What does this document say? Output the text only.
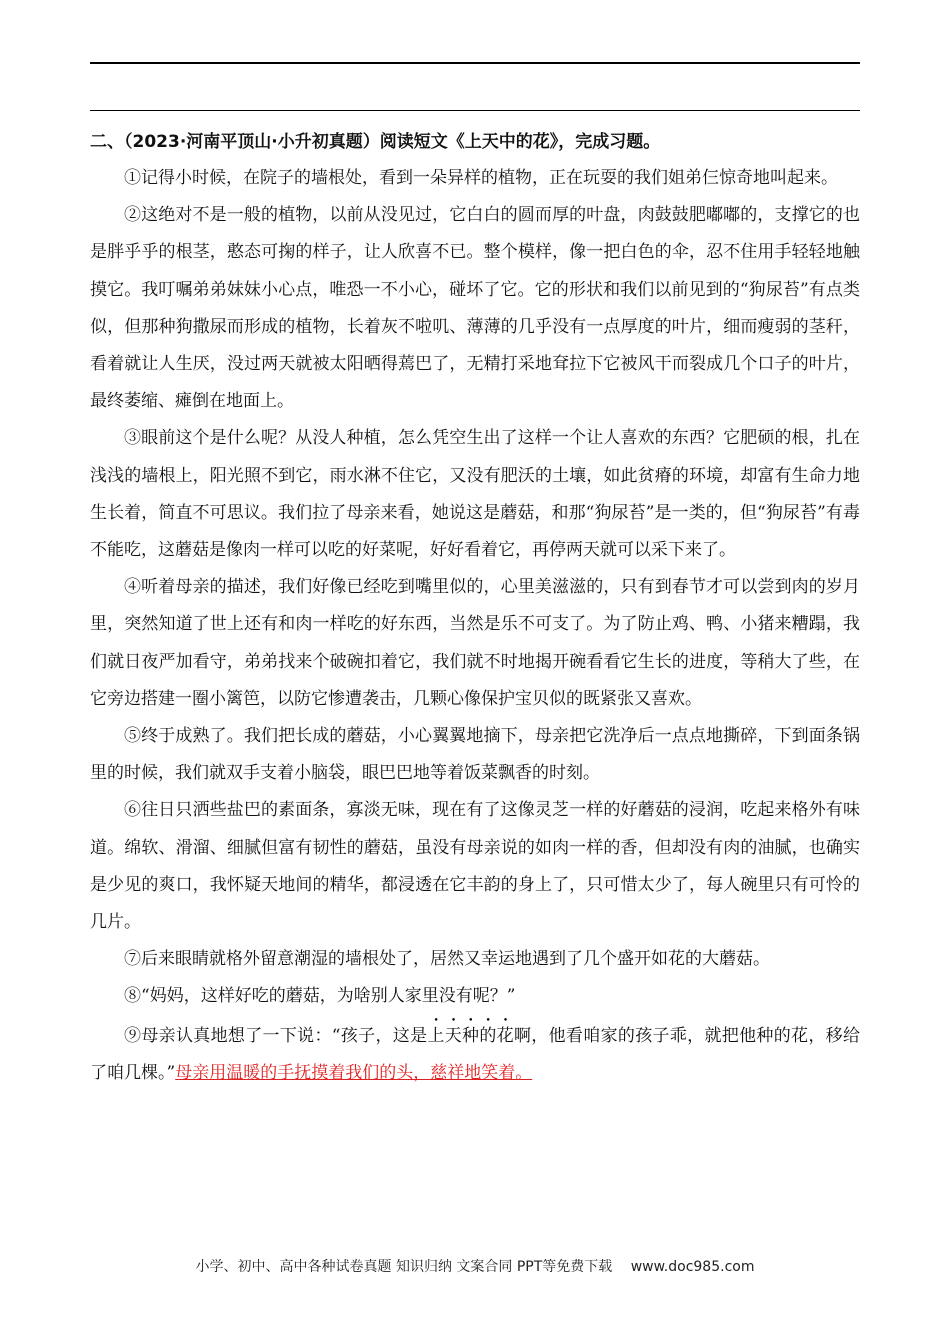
二、（2023·河南平顶山·小升初真题）阅读短文《上天中的花》，完成习题。

①记得小时候，在院子的墙根处，看到一朵异样的植物，正在玩耍的我们姐弟仨惊奇地叫起来。

②这绝对不是一般的植物，以前从没见过，它白白的圆而厚的叶盘，肉鼓鼓肥嘟嘟的，支撑它的也是胖乎乎的根茎，憨态可掬的样子，让人欣喜不已。整个模样，像一把白色的伞，忍不住用手轻轻地触摸它。我叮嘱弟弟妹妹小心点，唯恐一不小心，碰坏了它。它的形状和我们以前见到的“狗尿苔”有点类似，但那种狗撒尿而形成的植物，长着灰不啦叽、薄薄的几乎没有一点厚度的叶片，细而瘦弱的茎秆，看着就让人生厌，没过两天就被太阳晒得蔫巴了，无精打采地耷拉下它被风干而裂成几个口子的叶片，最终萎缩、瘫倒在地面上。

③眼前这个是什么呢？从没人种植，怎么凭空生出了这样一个让人喜欢的东西？它肥硕的根，扎在浅浅的墙根上，阳光照不到它，雨水淋不住它，又没有肥沃的土壤，如此贫瘠的环境，却富有生命力地生长着，简直不可思议。我们拉了母亲来看，她说这是蘑菇，和那“狗尿苔”是一类的，但“狗尿苔”有毒不能吃，这蘑菇是像肉一样可以吃的好菜呢，好好看着它，再停两天就可以采下来了。

④听着母亲的描述，我们好像已经吃到嘴里似的，心里美滋滋的，只有到春节才可以尝到肉的岁月里，突然知道了世上还有和肉一样吃的好东西，当然是乐不可支了。为了防止鸡、鸭、小猪来糟蹋，我们就日夜严加看守，弟弟找来个破碗扣着它，我们就不时地揭开碗看看它生长的进度，等稍大了些，在它旁边搭建一圈小篱笆，以防它惨遭袭击，几颗心像保护宝贝似的既紧张又喜欢。

⑤终于成熟了。我们把长成的蘑菇，小心翼翼地摘下，母亲把它洗净后一点点地撕碎，下到面条锅里的时候，我们就双手支着小脑袋，眼巴巴地等着饭菜飘香的时刻。

⑥往日只洒些盐巴的素面条，寡淡无味，现在有了这像灵芝一样的好蘑菇的浸润，吃起来格外有味道。绵软、滑溜、细腻但富有韧性的蘑菇，虽没有母亲说的如肉一样的香，但却没有肉的油腻，也确实是少见的爽口，我怀疑天地间的精华，都浸透在它丰韵的身上了，只可惜太少了，每人碗里只有可怜的几片。

⑦后来眼睛就格外留意潮湿的墙根处了，居然又幸运地遇到了几个盛开如花的大蘑菇。

⑧“妈妈，这样好吃的蘑菇，为啥别人家里没有呢？”

⑨母亲认真地想了一下说：“孩子，这是上天种的花啊，他看咱家的孩子乖，就把他种的花，移给了咱几棵。”母亲用温暖的手抚摸着我们的头，慈祥地笑着。

小学、初中、高中各种试卷真题 知识归纳 文案合同 PPT等免费下载　 www.doc985.com
